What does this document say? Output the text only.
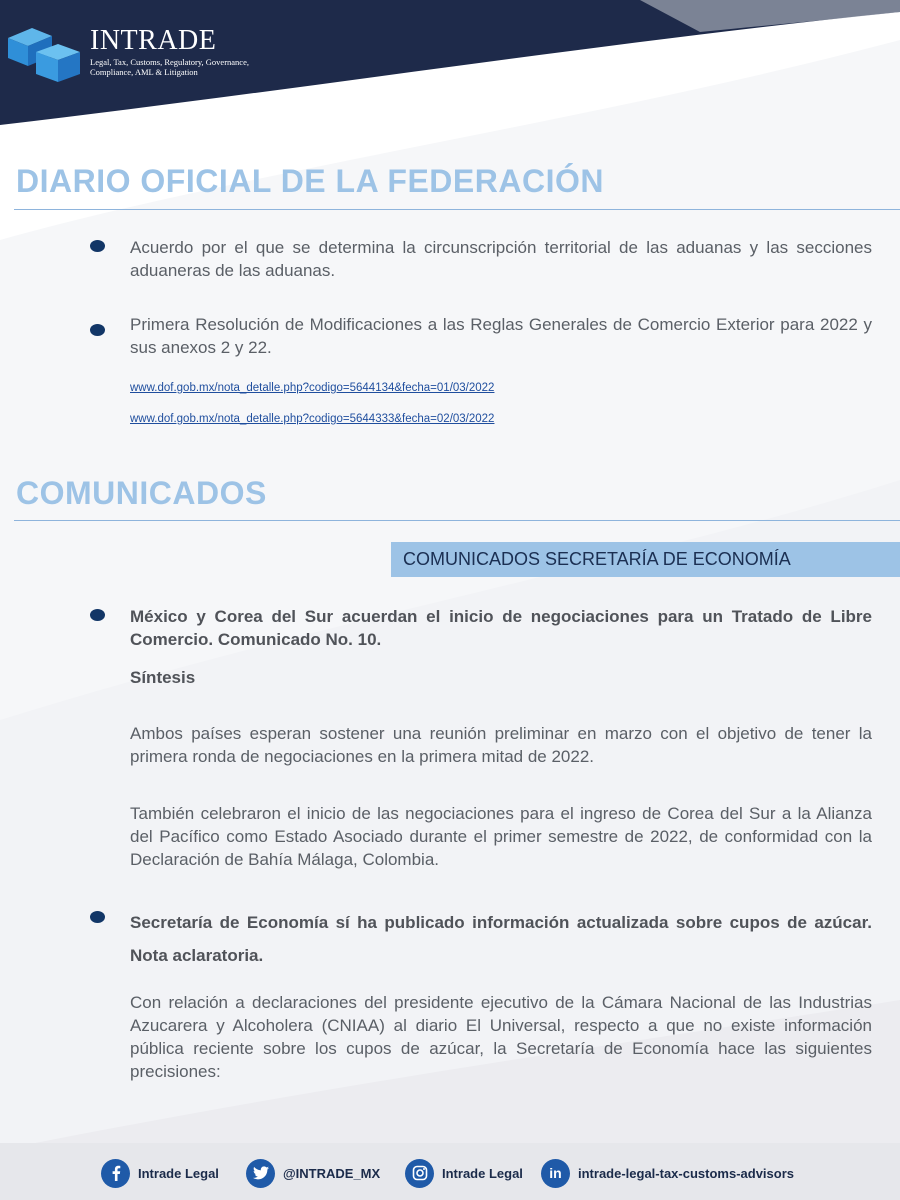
INTRADE
Legal, Tax, Customs, Regulatory, Governance, Compliance, AML & Litigation
DIARIO OFICIAL DE LA FEDERACIÓN

Acuerdo por el que se determina la circunscripción territorial de las aduanas y las secciones aduaneras de las aduanas.

Primera Resolución de Modificaciones a las Reglas Generales de Comercio Exterior para 2022 y sus anexos 2 y 22.

www.dof.gob.mx/nota_detalle.php?codigo=5644134&fecha=01/03/2022
www.dof.gob.mx/nota_detalle.php?codigo=5644333&fecha=02/03/2022
COMUNICADOS
COMUNICADOS SECRETARÍA DE ECONOMÍA

México y Corea del Sur acuerdan el inicio de negociaciones para un Tratado de Libre Comercio. Comunicado No. 10.

Síntesis

Ambos países esperan sostener una reunión preliminar en marzo con el objetivo de tener la primera ronda de negociaciones en la primera mitad de 2022.

También celebraron el inicio de las negociaciones para el ingreso de Corea del Sur a la Alianza del Pacífico como Estado Asociado durante el primer semestre de 2022, de conformidad con la Declaración de Bahía Málaga, Colombia.

Secretaría de Economía sí ha publicado información actualizada sobre cupos de azúcar. Nota aclaratoria.

Con relación a declaraciones del presidente ejecutivo de la Cámara Nacional de las Industrias Azucarera y Alcoholera (CNIAA) al diario El Universal, respecto a que no existe información pública reciente sobre los cupos de azúcar, la Secretaría de Economía hace las siguientes precisiones:

Intrade Legal	@INTRADE_MX	Intrade Legal in intrade-legal-tax-customs-advisors
